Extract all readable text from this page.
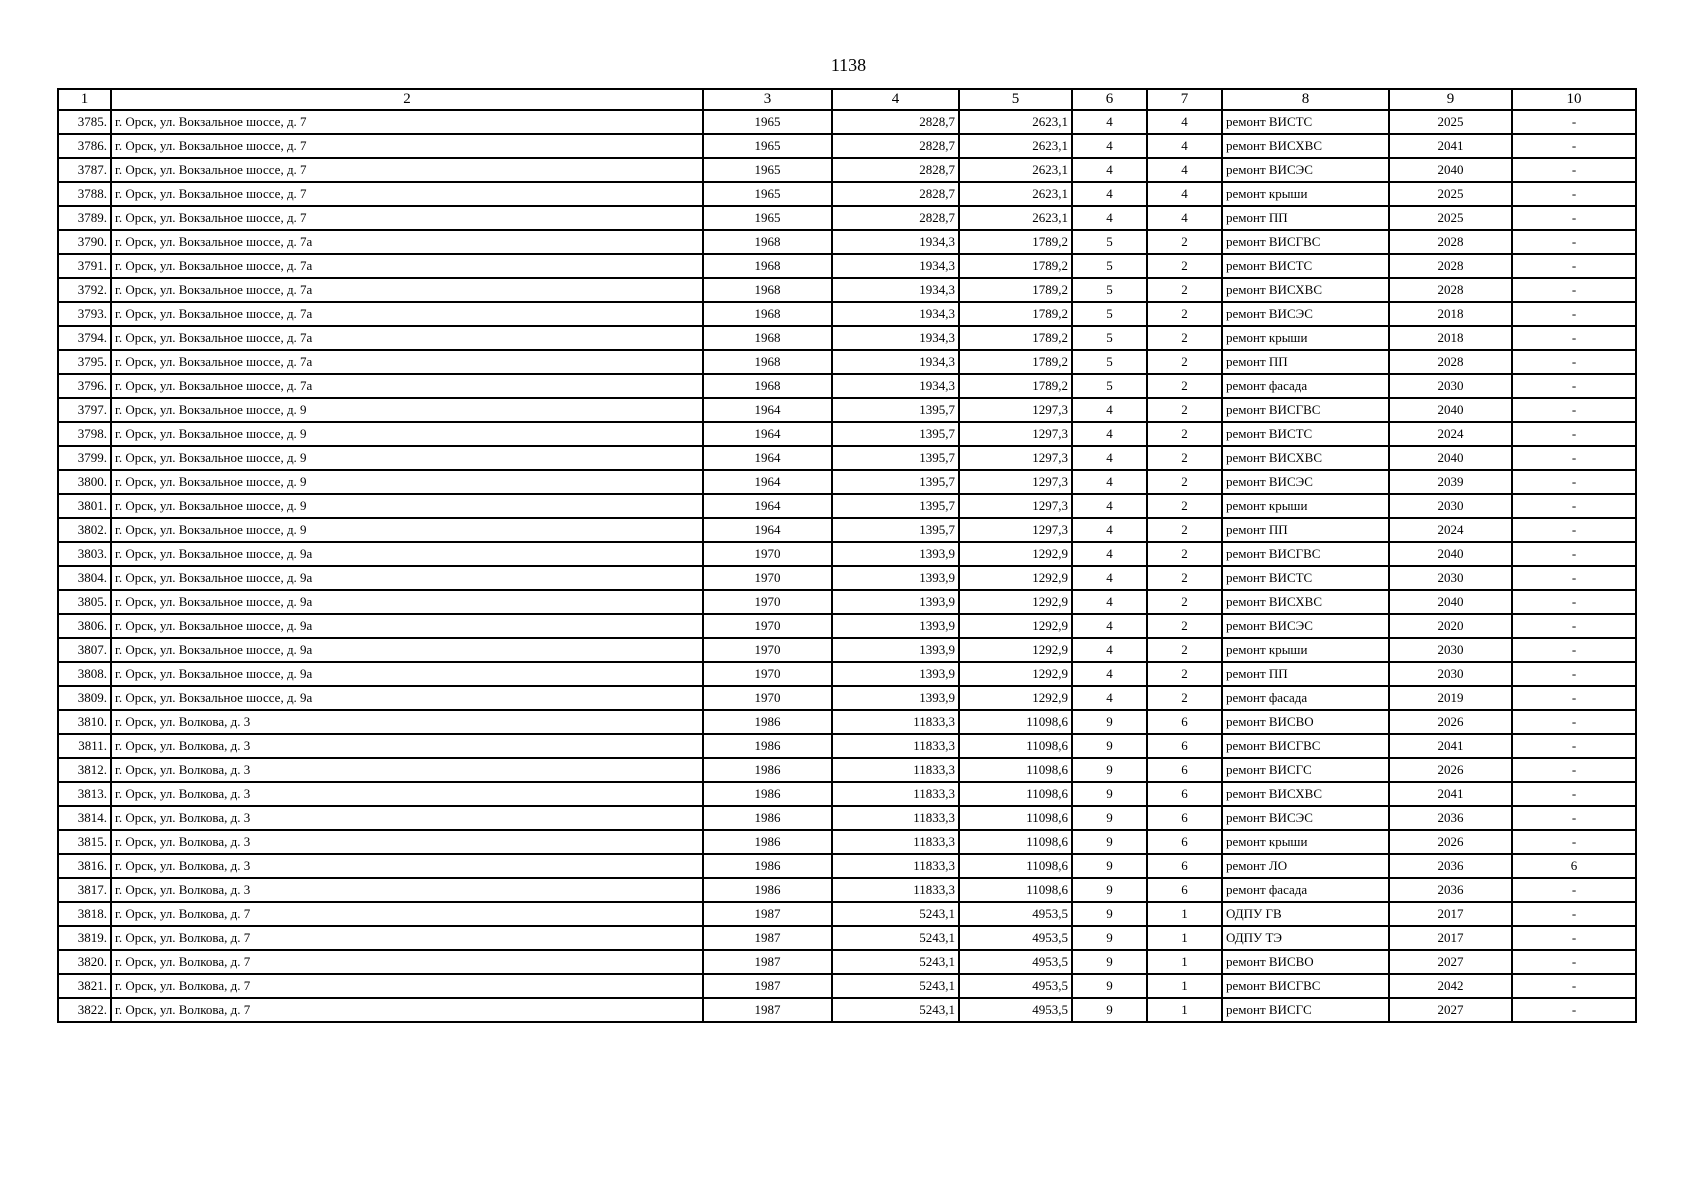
1138
1	2	3	4	5	6	7	8	9	10
3785.	г. Орск, ул. Вокзальное шоссе, д. 7	1965	2828,7	2623,1	4	4	ремонт ВИСТС	2025	-
3786.	г. Орск, ул. Вокзальное шоссе, д. 7	1965	2828,7	2623,1	4	4	ремонт ВИСХВС	2041	-
3787.	г. Орск, ул. Вокзальное шоссе, д. 7	1965	2828,7	2623,1	4	4	ремонт ВИСЭС	2040	-
3788.	г. Орск, ул. Вокзальное шоссе, д. 7	1965	2828,7	2623,1	4	4	ремонт крыши	2025	-
3789.	г. Орск, ул. Вокзальное шоссе, д. 7	1965	2828,7	2623,1	4	4	ремонт ПП	2025	-
3790.	г. Орск, ул. Вокзальное шоссе, д. 7а	1968	1934,3	1789,2	5	2	ремонт ВИСГВС	2028	-
3791.	г. Орск, ул. Вокзальное шоссе, д. 7а	1968	1934,3	1789,2	5	2	ремонт ВИСТС	2028	-
3792.	г. Орск, ул. Вокзальное шоссе, д. 7а	1968	1934,3	1789,2	5	2	ремонт ВИСХВС	2028	-
3793.	г. Орск, ул. Вокзальное шоссе, д. 7а	1968	1934,3	1789,2	5	2	ремонт ВИСЭС	2018	-
3794.	г. Орск, ул. Вокзальное шоссе, д. 7а	1968	1934,3	1789,2	5	2	ремонт крыши	2018	-
3795.	г. Орск, ул. Вокзальное шоссе, д. 7а	1968	1934,3	1789,2	5	2	ремонт ПП	2028	-
3796.	г. Орск, ул. Вокзальное шоссе, д. 7а	1968	1934,3	1789,2	5	2	ремонт фасада	2030	-
3797.	г. Орск, ул. Вокзальное шоссе, д. 9	1964	1395,7	1297,3	4	2	ремонт ВИСГВС	2040	-
3798.	г. Орск, ул. Вокзальное шоссе, д. 9	1964	1395,7	1297,3	4	2	ремонт ВИСТС	2024	-
3799.	г. Орск, ул. Вокзальное шоссе, д. 9	1964	1395,7	1297,3	4	2	ремонт ВИСХВС	2040	-
3800.	г. Орск, ул. Вокзальное шоссе, д. 9	1964	1395,7	1297,3	4	2	ремонт ВИСЭС	2039	-
3801.	г. Орск, ул. Вокзальное шоссе, д. 9	1964	1395,7	1297,3	4	2	ремонт крыши	2030	-
3802.	г. Орск, ул. Вокзальное шоссе, д. 9	1964	1395,7	1297,3	4	2	ремонт ПП	2024	-
3803.	г. Орск, ул. Вокзальное шоссе, д. 9а	1970	1393,9	1292,9	4	2	ремонт ВИСГВС	2040	-
3804.	г. Орск, ул. Вокзальное шоссе, д. 9а	1970	1393,9	1292,9	4	2	ремонт ВИСТС	2030	-
3805.	г. Орск, ул. Вокзальное шоссе, д. 9а	1970	1393,9	1292,9	4	2	ремонт ВИСХВС	2040	-
3806.	г. Орск, ул. Вокзальное шоссе, д. 9а	1970	1393,9	1292,9	4	2	ремонт ВИСЭС	2020	-
3807.	г. Орск, ул. Вокзальное шоссе, д. 9а	1970	1393,9	1292,9	4	2	ремонт крыши	2030	-
3808.	г. Орск, ул. Вокзальное шоссе, д. 9а	1970	1393,9	1292,9	4	2	ремонт ПП	2030	-
3809.	г. Орск, ул. Вокзальное шоссе, д. 9а	1970	1393,9	1292,9	4	2	ремонт фасада	2019	-
3810.	г. Орск, ул. Волкова, д. 3	1986	11833,3	11098,6	9	6	ремонт ВИСВО	2026	-
3811.	г. Орск, ул. Волкова, д. 3	1986	11833,3	11098,6	9	6	ремонт ВИСГВС	2041	-
3812.	г. Орск, ул. Волкова, д. 3	1986	11833,3	11098,6	9	6	ремонт ВИСГС	2026	-
3813.	г. Орск, ул. Волкова, д. 3	1986	11833,3	11098,6	9	6	ремонт ВИСХВС	2041	-
3814.	г. Орск, ул. Волкова, д. 3	1986	11833,3	11098,6	9	6	ремонт ВИСЭС	2036	-
3815.	г. Орск, ул. Волкова, д. 3	1986	11833,3	11098,6	9	6	ремонт крыши	2026	-
3816.	г. Орск, ул. Волкова, д. 3	1986	11833,3	11098,6	9	6	ремонт ЛО	2036	6
3817.	г. Орск, ул. Волкова, д. 3	1986	11833,3	11098,6	9	6	ремонт фасада	2036	-
3818.	г. Орск, ул. Волкова, д. 7	1987	5243,1	4953,5	9	1	ОДПУ ГВ	2017	-
3819.	г. Орск, ул. Волкова, д. 7	1987	5243,1	4953,5	9	1	ОДПУ ТЭ	2017	-
3820.	г. Орск, ул. Волкова, д. 7	1987	5243,1	4953,5	9	1	ремонт ВИСВО	2027	-
3821.	г. Орск, ул. Волкова, д. 7	1987	5243,1	4953,5	9	1	ремонт ВИСГВС	2042	-
3822.	г. Орск, ул. Волкова, д. 7	1987	5243,1	4953,5	9	1	ремонт ВИСГС	2027	-
